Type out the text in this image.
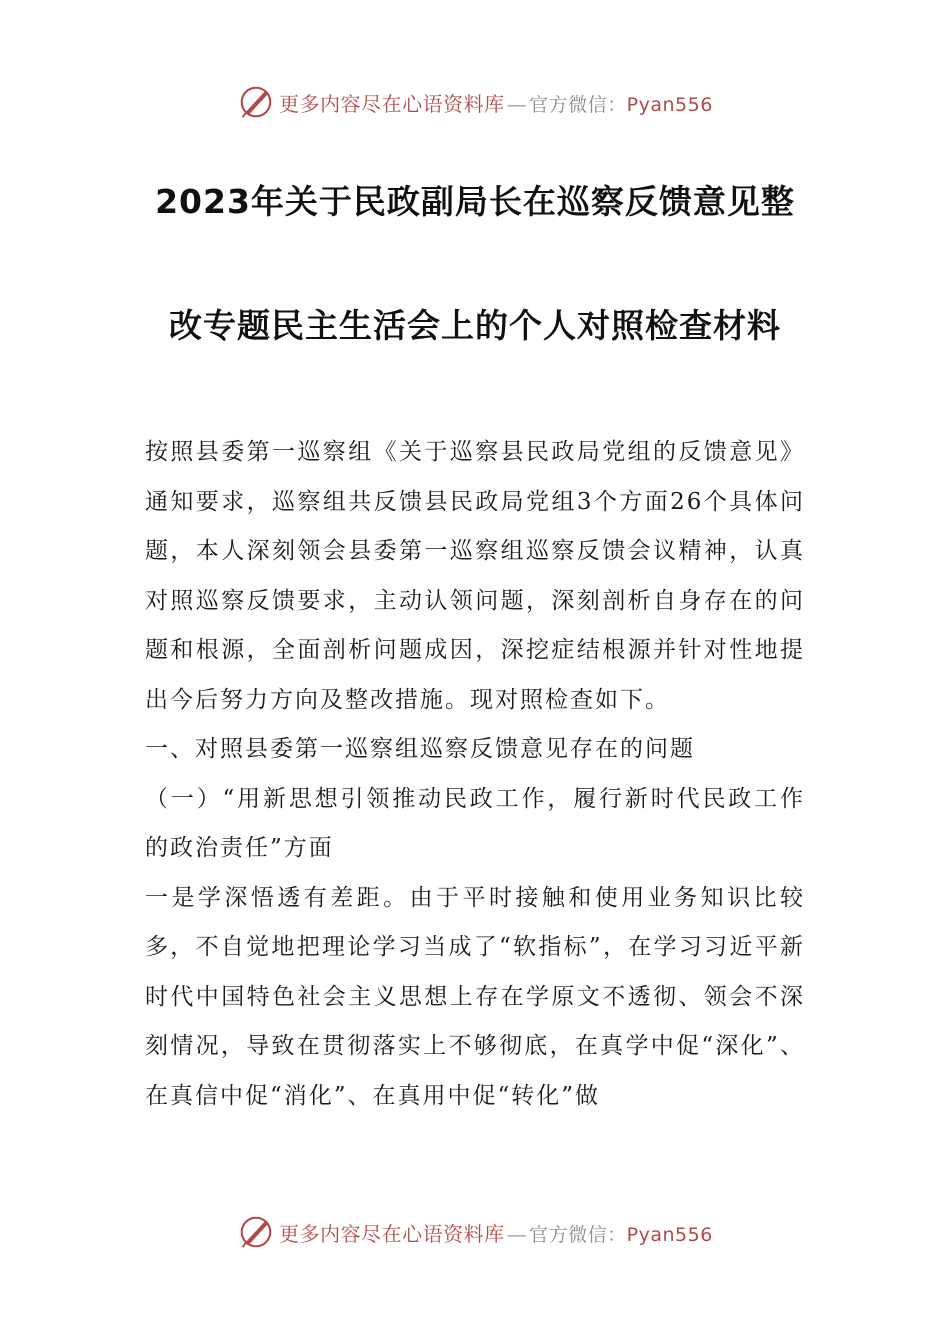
更多内容尽在心语资料库 — 官方微信：Pyan556
2023年关于民政副局长在巡察反馈意见整
改专题民主生活会上的个人对照检查材料

按照县委第一巡察组《关于巡察县民政局党组的反馈意见》通知要求，巡察组共反馈县民政局党组3个方面26个具体问题，本人深刻领会县委第一巡察组巡察反馈会议精神，认真对照巡察反馈要求，主动认领问题，深刻剖析自身存在的问题和根源，全面剖析问题成因，深挖症结根源并针对性地提出今后努力方向及整改措施。现对照检查如下。

一、对照县委第一巡察组巡察反馈意见存在的问题

（一）“用新思想引领推动民政工作，履行新时代民政工作的政治责任”方面

一是学深悟透有差距。由于平时接触和使用业务知识比较多，不自觉地把理论学习当成了“软指标”，在学习习近平新时代中国特色社会主义思想上存在学原文不透彻、领会不深刻情况，导致在贯彻落实上不够彻底，在真学中促“深化”、在真信中促“消化”、在真用中促“转化”做

更多内容尽在心语资料库 — 官方微信：Pyan556
